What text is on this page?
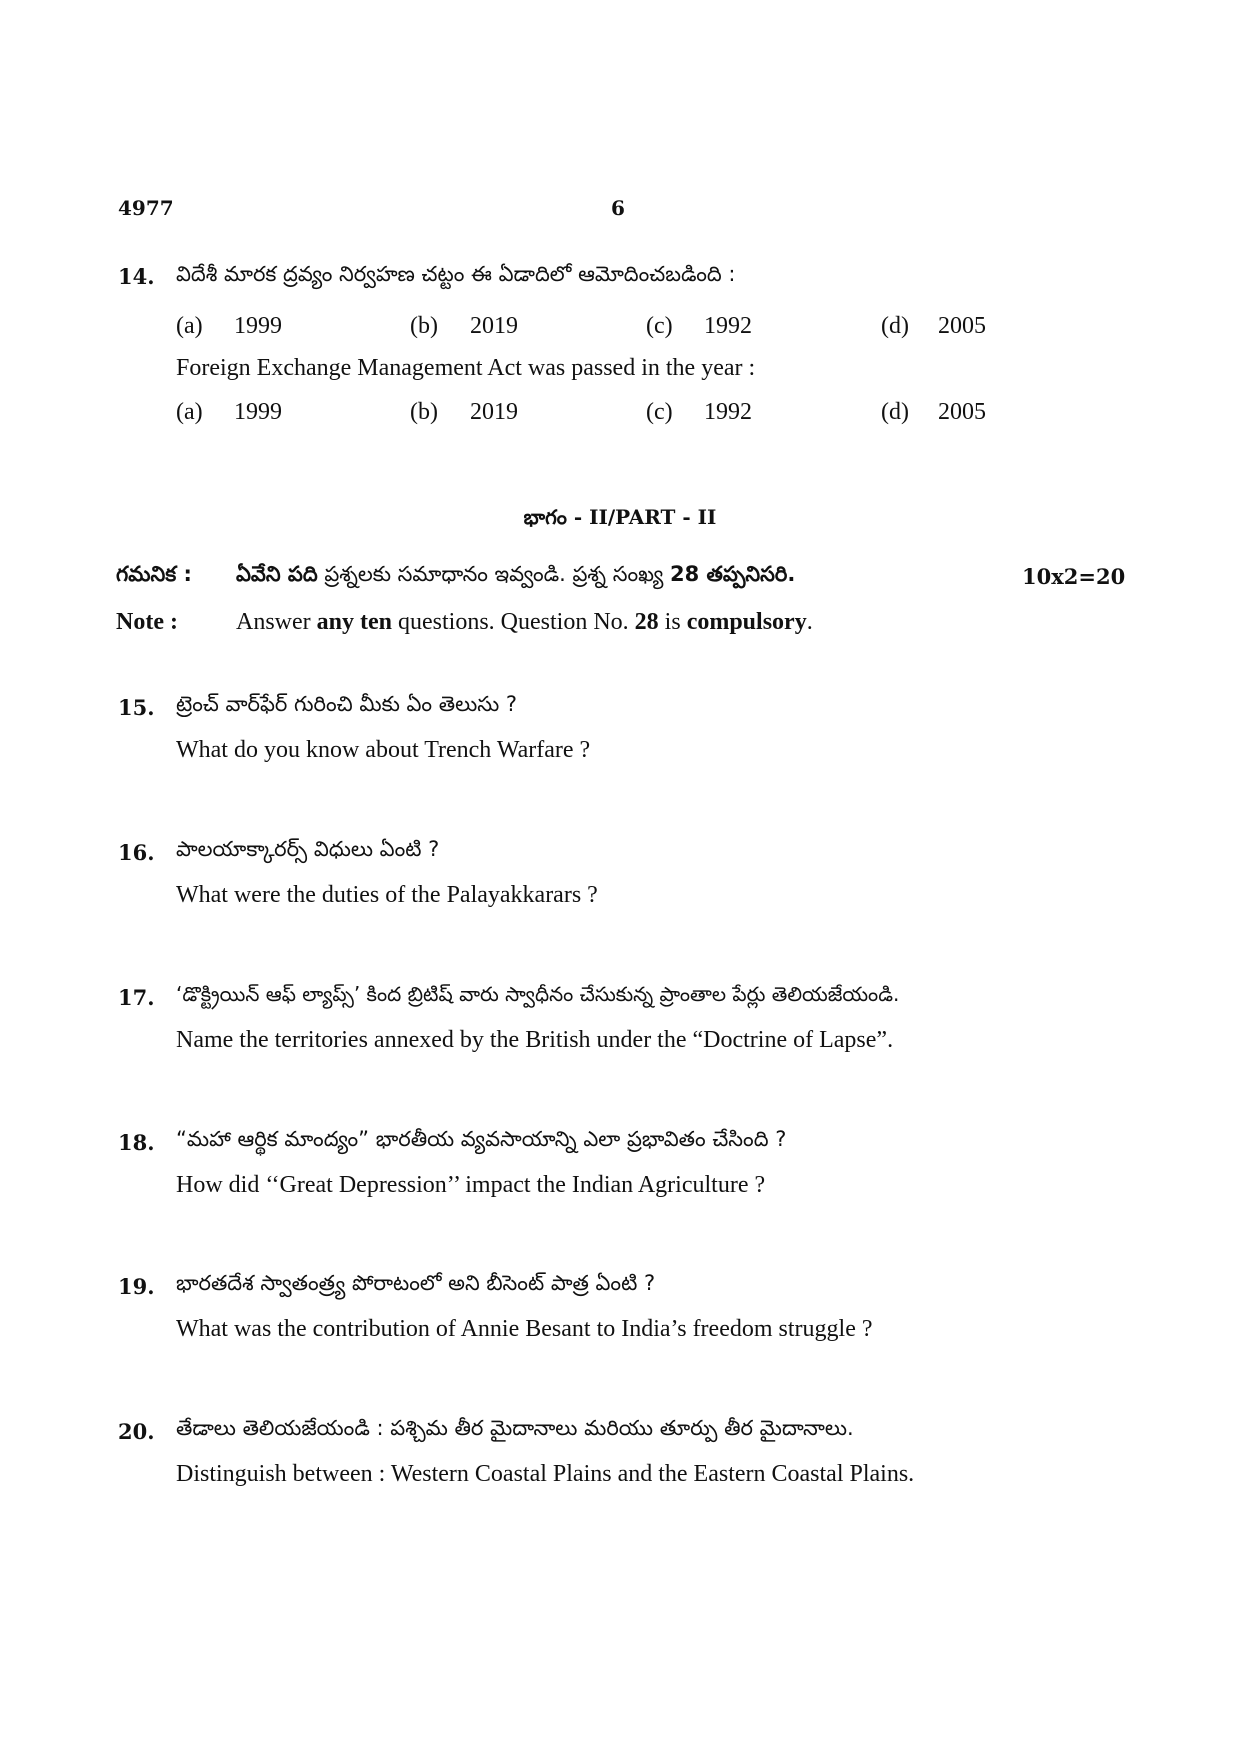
4977	6
14. విదేశీ మారక ద్రవ్యం నిర్వహణ చట్టం ఈ ఏడాదిలో ఆమోదించబడింది :
(a) 1999	(b) 2019	(c) 1992	(d) 2005
Foreign Exchange Management Act was passed in the year :
(a) 1999	(b) 2019	(c) 1992	(d) 2005
భాగం - II/PART - II
గమనిక : ఏవేని పది ప్రశ్నలకు సమాధానం ఇవ్వండి. ప్రశ్న సంఖ్య 28 తప్పనిసరి.	10x2=20
Note : Answer any ten questions. Question No. 28 is compulsory.
15. ట్రెంచ్ వార్‌ఫేర్ గురించి మీకు ఏం తెలుసు ?
What do you know about Trench Warfare ?
16. పాలయాక్కారర్స్ విధులు ఏంటి ?
What were the duties of the Palayakkarars ?
17. ‘డొక్ట్రియిన్ ఆఫ్ ల్యాప్స్’ కింద బ్రిటిష్ వారు స్వాధీనం చేసుకున్న ప్రాంతాల పేర్లు తెలియజేయండి.
Name the territories annexed by the British under the “Doctrine of Lapse”.
18. “మహా ఆర్థిక మాంద్యం” భారతీయ వ్యవసాయాన్ని ఎలా ప్రభావితం చేసింది ?
How did ‘‘Great Depression’’ impact the Indian Agriculture ?
19. భారతదేశ స్వాతంత్ర్య పోరాటంలో అని బీసెంట్ పాత్ర ఏంటి ?
What was the contribution of Annie Besant to India’s freedom struggle ?
20. తేడాలు తెలియజేయండి : పశ్చిమ తీర మైదానాలు మరియు తూర్పు తీర మైదానాలు.
Distinguish between : Western Coastal Plains and the Eastern Coastal Plains.
